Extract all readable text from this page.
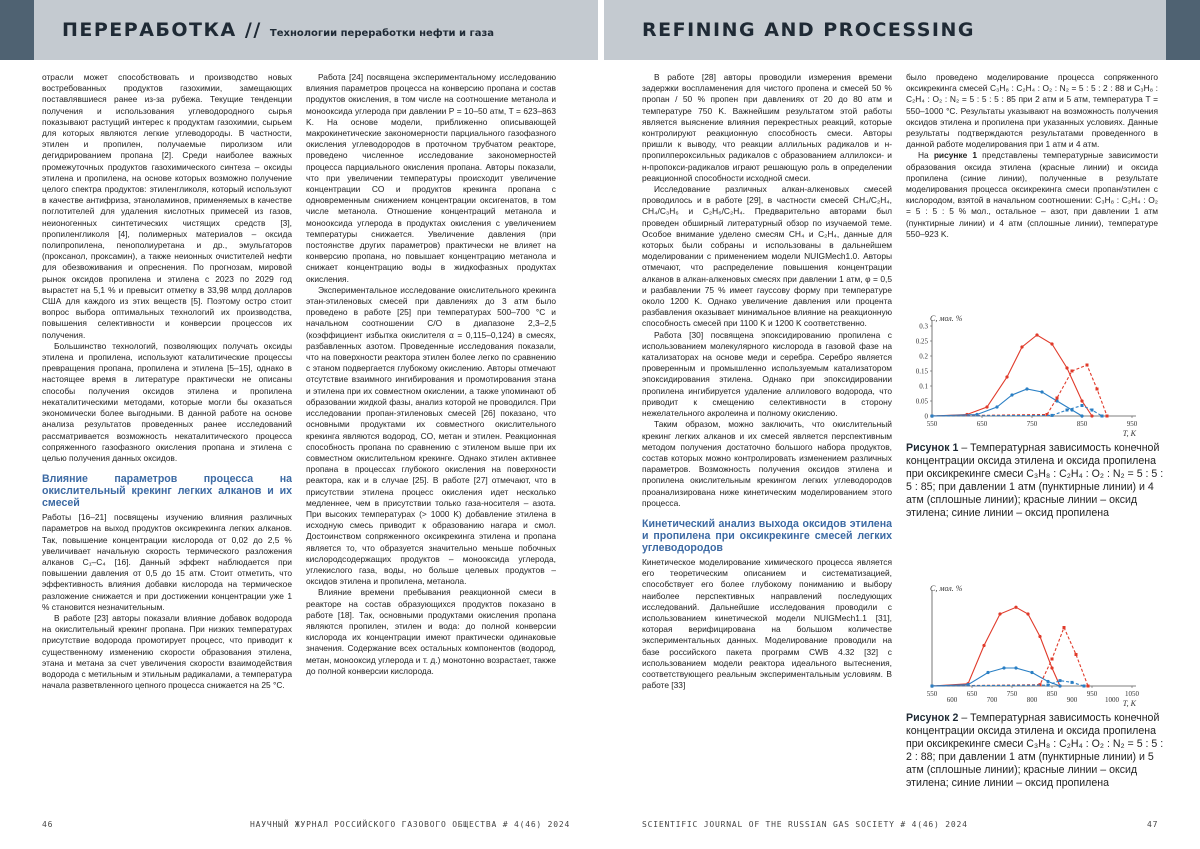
ПЕРЕРАБОТКА // Технологии переработки нефти и газа	REFINING AND PROCESSING

отрасли может способствовать и производство новых востребованных продуктов газохимии, замещающих поставлявшиеся ранее из-за рубежа. Текущие тенденции получения и использования углеводородного сырья показывают растущий интерес к продуктам газохимии, сырьем для которых являются легкие углеводороды. В частности, этилен и пропилен, получаемые пиролизом или дегидрированием пропана [2]. Среди наиболее важных промежуточных продуктов газохимического синтеза – оксиды этилена и пропилена, на основе которых возможно получение целого спектра продуктов: этиленгликоля, который используют в качестве антифриза, этаноламинов, применяемых в качестве поглотителей для удаления кислотных примесей из газов, неионогенных синтетических чистящих средств [3], пропиленгликоля [4], полимерных материалов – оксида полипропилена, пенополиуретана и др., эмульгаторов (проксанол, проксамин), а также неионных очистителей нефти для обезвоживания и опреснения. По прогнозам, мировой рынок оксидов пропилена и этилена с 2023 по 2029 год вырастет на 5,1 % и превысит отметку в 33,98 млрд долларов США для каждого из этих веществ [5]. Поэтому остро стоит вопрос выбора оптимальных технологий их производства, повышения селективности и конверсии процессов их получения.

Большинство технологий, позволяющих получать оксиды этилена и пропилена, используют каталитические процессы превращения пропана, пропилена и этилена [5–15], однако в настоящее время в литературе практически не описаны способы получения оксидов этилена и пропилена некаталитическими методами, которые могли бы оказаться экономически более выгодными. В данной работе на основе анализа результатов проведенных ранее исследований рассматривается возможность некаталитического процесса сопряженного газофазного окисления пропана и этилена с целью получения данных оксидов.

Влияние параметров процесса на окислительный крекинг легких алканов и их смесей

Работы [16–21] посвящены изучению влияния различных параметров на выход продуктов оксикрекинга легких алканов. Так, повышение концентрации кислорода от 0,02 до 2,5 % увеличивает начальную скорость термического разложения алканов C₁–C₄ [16]. Данный эффект наблюдается при повышении давления от 0,5 до 15 атм. Стоит отметить, что эффективность влияния добавки кислорода на термическое разложение снижается и при достижении концентрации уже 1 % становится незначительным.

В работе [23] авторы показали влияние добавок водорода на окислительный крекинг пропана. При низких температурах присутствие водорода промотирует процесс, что приводит к существенному изменению скорости образования этилена, этана и метана за счет увеличения скорости взаимодействия водорода с метильным и этильным радикалами, а температура начала разветвленного цепного процесса снижается на 25 °С.

Работа [24] посвящена экспериментальному исследованию влияния параметров процесса на конверсию пропана и состав продуктов окисления, в том числе на соотношение метанола и монооксида углерода при давлении P = 10–50 атм, T = 623–863 K. На основе модели, приближенно описывающей макрокинетические закономерности парциального газофазного окисления углеводородов в проточном трубчатом реакторе, проведено численное исследование закономерностей процесса парциального окисления пропана. Авторы показали, что при увеличении температуры происходит увеличение концентрации CO и продуктов крекинга пропана с одновременным снижением концентрации оксигенатов, в том числе метанола. Отношение концентраций метанола и монооксида углерода в продуктах окисления с увеличением температуры снижается. Увеличение давления (при постоянстве других параметров) практически не влияет на конверсию пропана, но повышает концентрацию метанола и снижает концентрацию воды в жидкофазных продуктах окисления.

Экспериментальное исследование окислительного крекинга этан-этиленовых смесей при давлениях до 3 атм было проведено в работе [25] при температурах 500–700 °С и начальном соотношении C/O в диапазоне 2,3–2,5 (коэффициент избытка окислителя α = 0,115–0,124) в смесях, разбавленных азотом. Проведенные исследования показали, что на поверхности реактора этилен более легко по сравнению с этаном подвергается глубокому окислению. Авторы отмечают отсутствие взаимного ингибирования и промотирования этана и этилена при их совместном окислении, а также упоминают об образовании жидкой фазы, анализ которой не проводился. При исследовании пропан-этиленовых смесей [26] показано, что основными продуктами их совместного окислительного крекинга являются водород, CO, метан и этилен. Реакционная способность пропана по сравнению с этиленом выше при их совместном окислительном крекинге. Однако этилен активнее пропана в процессах глубокого окисления на поверхности реактора, как и в случае [25]. В работе [27] отмечают, что в присутствии этилена процесс окисления идет несколько медленнее, чем в присутствии только газа-носителя – азота. При высоких температурах (> 1000 K) добавление этилена в исходную смесь приводит к образованию нагара и смол. Достоинством сопряженного оксикрекинга этилена и пропана является то, что образуется значительно меньше побочных кислородсодержащих продуктов – монооксида углерода, углекислого газа, воды, но больше целевых продуктов – оксидов этилена и пропилена, метанола.

Влияние времени пребывания реакционной смеси в реакторе на состав образующихся продуктов показано в работе [18]. Так, основными продуктами окисления пропана являются пропилен, этилен и вода: до полной конверсии кислорода их концентрации имеют практически одинаковые значения. Содержание всех остальных компонентов (водород, метан, монооксид углерода и т. д.) монотонно возрастает, также до полной конверсии кислорода.

В работе [28] авторы проводили измерения времени задержки воспламенения для чистого пропена и смесей 50 % пропан / 50 % пропен при давлениях от 20 до 80 атм и температуре 750 K. Важнейшим результатом этой работы является выяснение влияния перекрестных реакций, которые контролируют реакционную способность смеси. Авторы пришли к выводу, что реакции аллильных радикалов и н-пропилпероксильных радикалов с образованием аллилокси- и н-пропокси-радикалов играют решающую роль в определении реакционной способности исходной смеси.

Исследование различных алкан-алкеновых смесей проводилось и в работе [29], в частности смесей CH₄/C₂H₄, CH₄/C₃H₆ и C₂H₆/C₂H₄. Предварительно авторами был проведен обширный литературный обзор по изучаемой теме. Особое внимание уделено смесям CH₄ и C₂H₄, данные для которых были собраны и использованы в дальнейшем моделировании с применением модели NUIGMech1.0. Авторы отмечают, что распределение повышения концентрации алканов в алкан-алкеновых смесях при давлении 1 атм, φ = 0,5 и разбавлении 75 % имеет гауссову форму при температуре около 1200 K. Однако увеличение давления или процента разбавления оказывает минимальное влияние на реакционную способность смесей при 1100 K и 1200 K соответственно.

Работа [30] посвящена эпоксидированию пропилена с использованием молекулярного кислорода в газовой фазе на катализаторах на основе меди и серебра. Серебро является проверенным и промышленно используемым катализатором эпоксидирования этилена. Однако при эпоксидировании пропилена ингибируется удаление аллилового водорода, что приводит к смещению селективности в сторону нежелательного акролеина и полному окислению.

Таким образом, можно заключить, что окислительный крекинг легких алканов и их смесей является перспективным методом получения достаточно большого набора продуктов, состав которых можно контролировать изменением различных параметров. Возможность получения оксидов этилена и пропилена окислительным крекингом легких углеводородов проанализирована ниже кинетическим моделированием этого процесса.

Кинетический анализ выхода оксидов этилена и пропилена при оксикрекинге смесей легких углеводородов

Кинетическое моделирование химического процесса является его теоретическим описанием и систематизацией, способствует его более глубокому пониманию и выбору наиболее перспективных направлений последующих исследований. Дальнейшие исследования проводили с использованием кинетической модели NUIGMech1.1 [31], которая верифицирована на большом количестве экспериментальных данных. Моделирование проводили на базе российского пакета программ CWB 4.32 [32] с использованием модели реактора идеального вытеснения, соответствующего реальным экспериментальным условиям. В работе [33]

было проведено моделирование процесса сопряженного оксикрекинга смесей C₃H₈ : C₂H₄ : O₂ : N₂ = 5 : 5 : 2 : 88 и C₃H₈ : C₂H₄ : O₂ : N₂ = 5 : 5 : 5 : 85 при 2 атм и 5 атм, температура T = 550–1000 °С. Результаты указывают на возможность получения оксидов этилена и пропилена при указанных условиях. Данные результаты подтверждаются результатами проведенного в данной работе моделирования при 1 атм и 4 атм.

На рисунке 1 представлены температурные зависимости образования оксида этилена (красные линии) и оксида пропилена (синие линии), полученные в результате моделирования процесса оксикрекинга смеси пропан/этилен с кислородом, взятой в начальном соотношении: C₃H₈ : C₂H₄ : O₂ = 5 : 5 : 5 % мол., остальное – азот, при давлении 1 атм (пунктирные линии) и 4 атм (сплошные линии), температуре 550–923 K.

C, мол. %
T, K
0
0.05
0.1
0.15
0.2
0.25
0.3
550	650	750	850	950
Рисунок 1 – Температурная зависимость конечной концентрации оксида этилена и оксида пропилена при оксикрекинге смеси C₃H₈ : C₂H₄ : O₂ : N₂ = 5 : 5 : 5 : 85; при давлении 1 атм (пунктирные линии) и 4 атм (сплошные линии); красные линии – оксид этилена; синие линии – оксид пропилена
C, мол. %
T, K
550	650	750	850	950	1050
600	700	800	900	1000
Рисунок 2 – Температурная зависимость конечной концентрации оксида этилена и оксида пропилена при оксикрекинге смеси C₃H₈ : C₂H₄ : O₂ : N₂ = 5 : 5 : 2 : 88; при давлении 1 атм (пунктирные линии) и 5 атм (сплошные линии); красные линии – оксид этилена; синие линии – оксид пропилена
46	НАУЧНЫЙ ЖУРНАЛ РОССИЙСКОГО ГАЗОВОГО ОБЩЕСТВА # 4(46) 2024	SCIENTIFIC JOURNAL OF THE RUSSIAN GAS SOCIETY # 4(46) 2024	47
